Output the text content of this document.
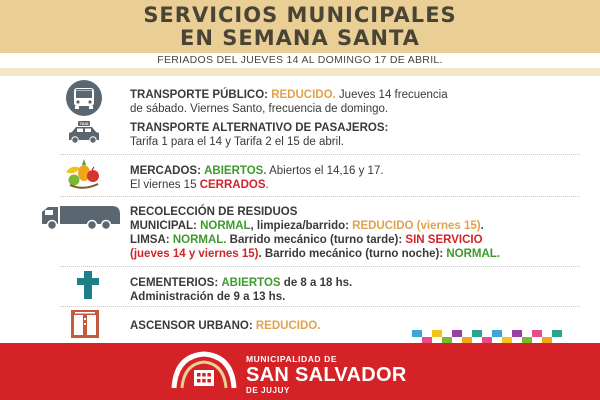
SERVICIOS MUNICIPALES
EN SEMANA SANTA
FERIADOS DEL JUEVES 14 AL DOMINGO 17 DE ABRIL.
TRANSPORTE PÚBLICO: REDUCIDO. Jueves 14 frecuencia
de sábado. Viernes Santo, frecuencia de domingo.
TAXI	TRANSPORTE ALTERNATIVO DE PASAJEROS:
Tarifa 1 para el 14 y Tarifa 2 el 15 de abril.
MERCADOS: ABIERTOS. Abiertos el 14,16 y 17.
El viernes 15 CERRADOS.
RECOLECCIÓN DE RESIDUOS
MUNICIPAL: NORMAL, limpieza/barrido: REDUCIDO (viernes 15).
LIMSA: NORMAL. Barrido mecánico (turno tarde): SIN SERVICIO
(jueves 14 y viernes 15). Barrido mecánico (turno noche): NORMAL.
CEMENTERIOS: ABIERTOS de 8 a 18 hs.
Administración de 9 a 13 hs.
ASCENSOR URBANO: REDUCIDO.
MUNICIPALIDAD DE
SAN SALVADOR
DE JUJUY
